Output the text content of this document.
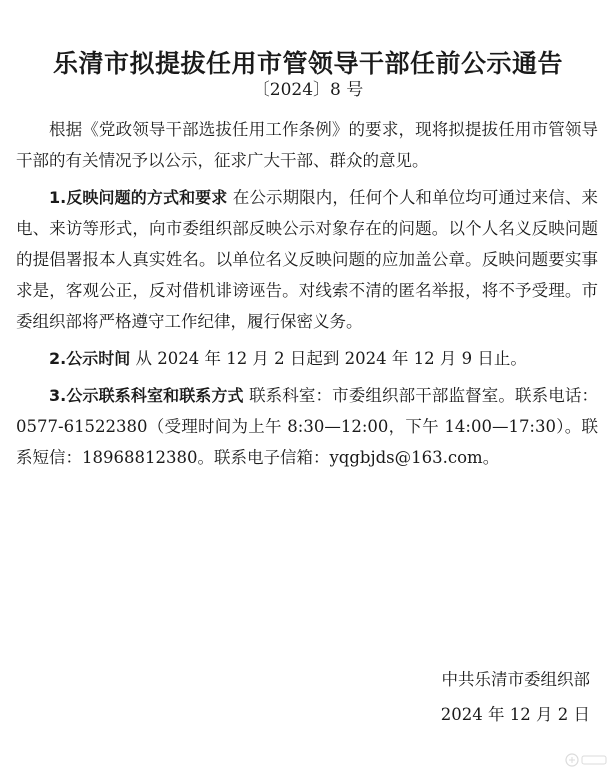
乐清市拟提拔任用市管领导干部任前公示通告
〔2024〕8 号

根据《党政领导干部选拔任用工作条例》的要求，现将拟提拔任用市管领导干部的有关情况予以公示，征求广大干部、群众的意见。

1.反映问题的方式和要求 在公示期限内，任何个人和单位均可通过来信、来电、来访等形式，向市委组织部反映公示对象存在的问题。以个人名义反映问题的提倡署报本人真实姓名。以单位名义反映问题的应加盖公章。反映问题要实事求是，客观公正，反对借机诽谤诬告。对线索不清的匿名举报，将不予受理。市委组织部将严格遵守工作纪律，履行保密义务。

2.公示时间 从 2024 年 12 月 2 日起到 2024 年 12 月 9 日止。

3.公示联系科室和联系方式 联系科室：市委组织部干部监督室。联系电话：0577-61522380（受理时间为上午 8:30—12:00，下午 14:00—17:30）。联系短信：18968812380。联系电子信箱：yqgbjds@163.com。

中共乐清市委组织部
2024 年 12 月 2 日
